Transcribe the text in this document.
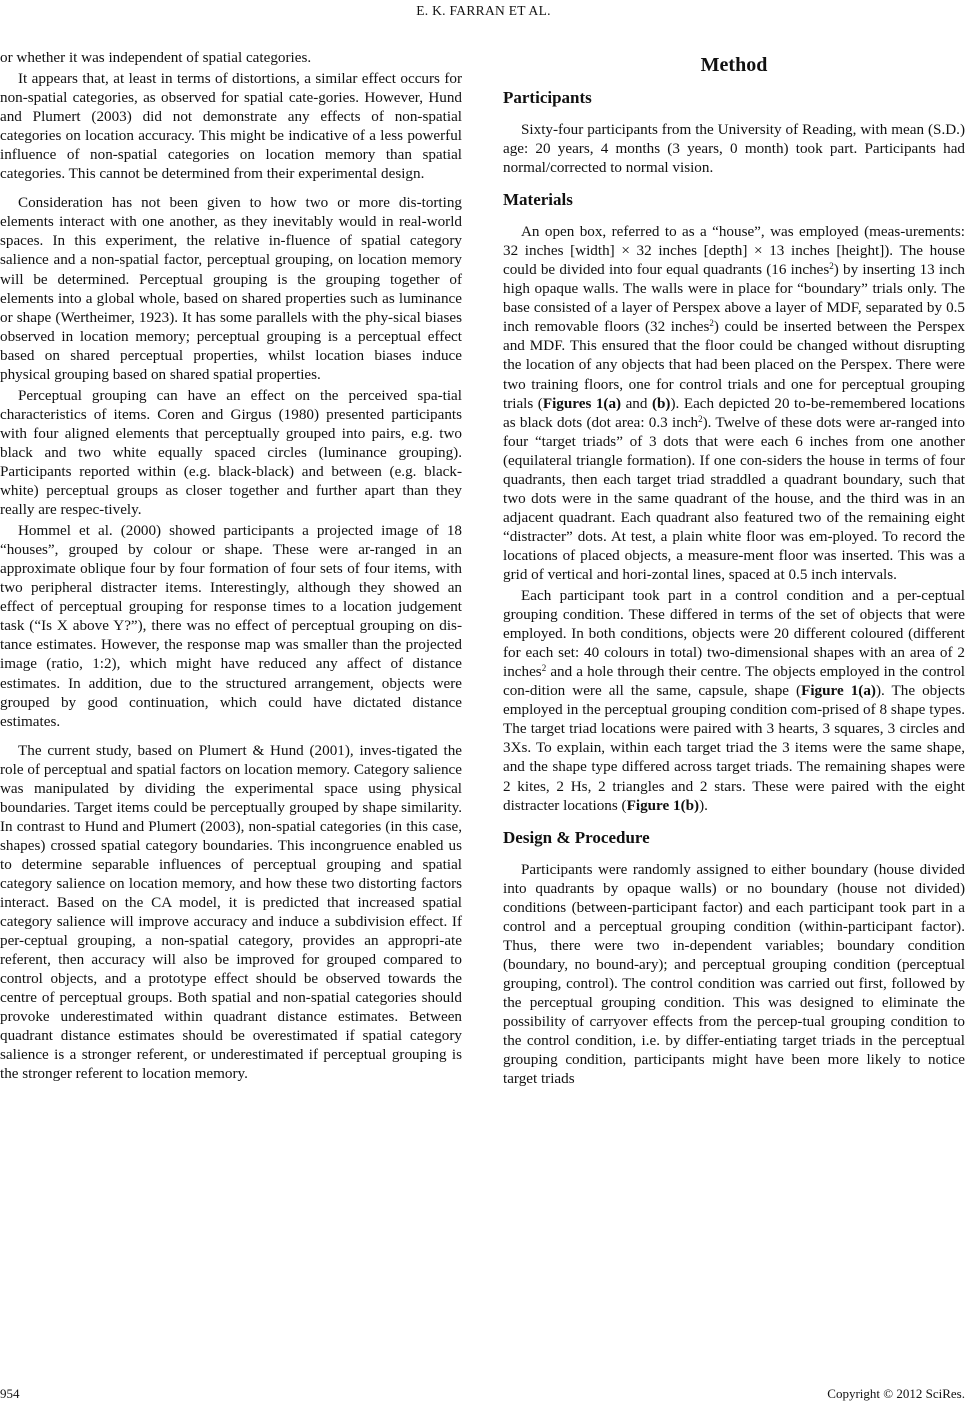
E. K. FARRAN ET AL.

or whether it was independent of spatial categories.

It appears that, at least in terms of distortions, a similar effect occurs for non-spatial categories, as observed for spatial cate-gories. However, Hund and Plumert (2003) did not demonstrate any effects of non-spatial categories on location accuracy. This might be indicative of a less powerful influence of non-spatial categories on location memory than spatial categories. This cannot be determined from their experimental design.

Consideration has not been given to how two or more dis-torting elements interact with one another, as they inevitably would in real-world spaces. In this experiment, the relative in-fluence of spatial category salience and a non-spatial factor, perceptual grouping, on location memory will be determined. Perceptual grouping is the grouping together of elements into a global whole, based on shared properties such as luminance or shape (Wertheimer, 1923). It has some parallels with the phy-sical biases observed in location memory; perceptual grouping is a perceptual effect based on shared perceptual properties, whilst location biases induce physical grouping based on shared spatial properties.

Perceptual grouping can have an effect on the perceived spa-tial characteristics of items. Coren and Girgus (1980) presented participants with four aligned elements that perceptually grouped into pairs, e.g. two black and two white equally spaced circles (luminance grouping). Participants reported within (e.g. black-black) and between (e.g. black-white) perceptual groups as closer together and further apart than they really are respec-tively.

Hommel et al. (2000) showed participants a projected image of 18 “houses”, grouped by colour or shape. These were ar-ranged in an approximate oblique four by four formation of four sets of four items, with two peripheral distracter items. Interestingly, although they showed an effect of perceptual grouping for response times to a location judgement task (“Is X above Y?”), there was no effect of perceptual grouping on dis-tance estimates. However, the response map was smaller than the projected image (ratio, 1:2), which might have reduced any affect of distance estimates. In addition, due to the structured arrangement, objects were grouped by good continuation, which could have dictated distance estimates.

The current study, based on Plumert & Hund (2001), inves-tigated the role of perceptual and spatial factors on location memory. Category salience was manipulated by dividing the experimental space using physical boundaries. Target items could be perceptually grouped by shape similarity. In contrast to Hund and Plumert (2003), non-spatial categories (in this case, shapes) crossed spatial category boundaries. This incongruence enabled us to determine separable influences of perceptual grouping and spatial category salience on location memory, and how these two distorting factors interact. Based on the CA model, it is predicted that increased spatial category salience will improve accuracy and induce a subdivision effect. If per-ceptual grouping, a non-spatial category, provides an appropri-ate referent, then accuracy will also be improved for grouped compared to control objects, and a prototype effect should be observed towards the centre of perceptual groups. Both spatial and non-spatial categories should provoke underestimated within quadrant distance estimates. Between quadrant distance estimates should be overestimated if spatial category salience is a stronger referent, or underestimated if perceptual grouping is the stronger referent to location memory.

Method
Participants

Sixty-four participants from the University of Reading, with mean (S.D.) age: 20 years, 4 months (3 years, 0 month) took part. Participants had normal/corrected to normal vision.

Materials

An open box, referred to as a “house”, was employed (meas-urements: 32 inches [width] × 32 inches [depth] × 13 inches [height]). The house could be divided into four equal quadrants (16 inches$^2$) by inserting 13 inch high opaque walls. The walls were in place for “boundary” trials only. The base consisted of a layer of Perspex above a layer of MDF, separated by 0.5 inch removable floors (32 inches$^2$) could be inserted between the Perspex and MDF. This ensured that the floor could be changed without disrupting the location of any objects that had been placed on the Perspex. There were two training floors, one for control trials and one for perceptual grouping trials (Figures 1(a) and (b)). Each depicted 20 to-be-remembered locations as black dots (dot area: 0.3 inch$^2$). Twelve of these dots were ar-ranged into four “target triads” of 3 dots that were each 6 inches from one another (equilateral triangle formation). If one con-siders the house in terms of four quadrants, then each target triad straddled a quadrant boundary, such that two dots were in the same quadrant of the house, and the third was in an adjacent quadrant. Each quadrant also featured two of the remaining eight “distracter” dots. At test, a plain white floor was em-ployed. To record the locations of placed objects, a measure-ment floor was inserted. This was a grid of vertical and hori-zontal lines, spaced at 0.5 inch intervals.

Each participant took part in a control condition and a per-ceptual grouping condition. These differed in terms of the set of objects that were employed. In both conditions, objects were 20 different coloured (different for each set: 40 colours in total) two-dimensional shapes with an area of 2 inches$^2$ and a hole through their centre. The objects employed in the control con-dition were all the same, capsule, shape (Figure 1(a)). The objects employed in the perceptual grouping condition com-prised of 8 shape types. The target triad locations were paired with 3 hearts, 3 squares, 3 circles and 3Xs. To explain, within each target triad the 3 items were the same shape, and the shape type differed across target triads. The remaining shapes were 2 kites, 2 Hs, 2 triangles and 2 stars. These were paired with the eight distracter locations (Figure 1(b)).

Design & Procedure

Participants were randomly assigned to either boundary (house divided into quadrants by opaque walls) or no boundary (house not divided) conditions (between-participant factor) and each participant took part in a control and a perceptual grouping condition (within-participant factor). Thus, there were two in-dependent variables; boundary condition (boundary, no bound-ary); and perceptual grouping condition (perceptual grouping, control). The control condition was carried out first, followed by the perceptual grouping condition. This was designed to eliminate the possibility of carryover effects from the percep-tual grouping condition to the control condition, i.e. by differ-entiating target triads in the perceptual grouping condition, participants might have been more likely to notice target triads

954	Copyright © 2012 SciRes.
